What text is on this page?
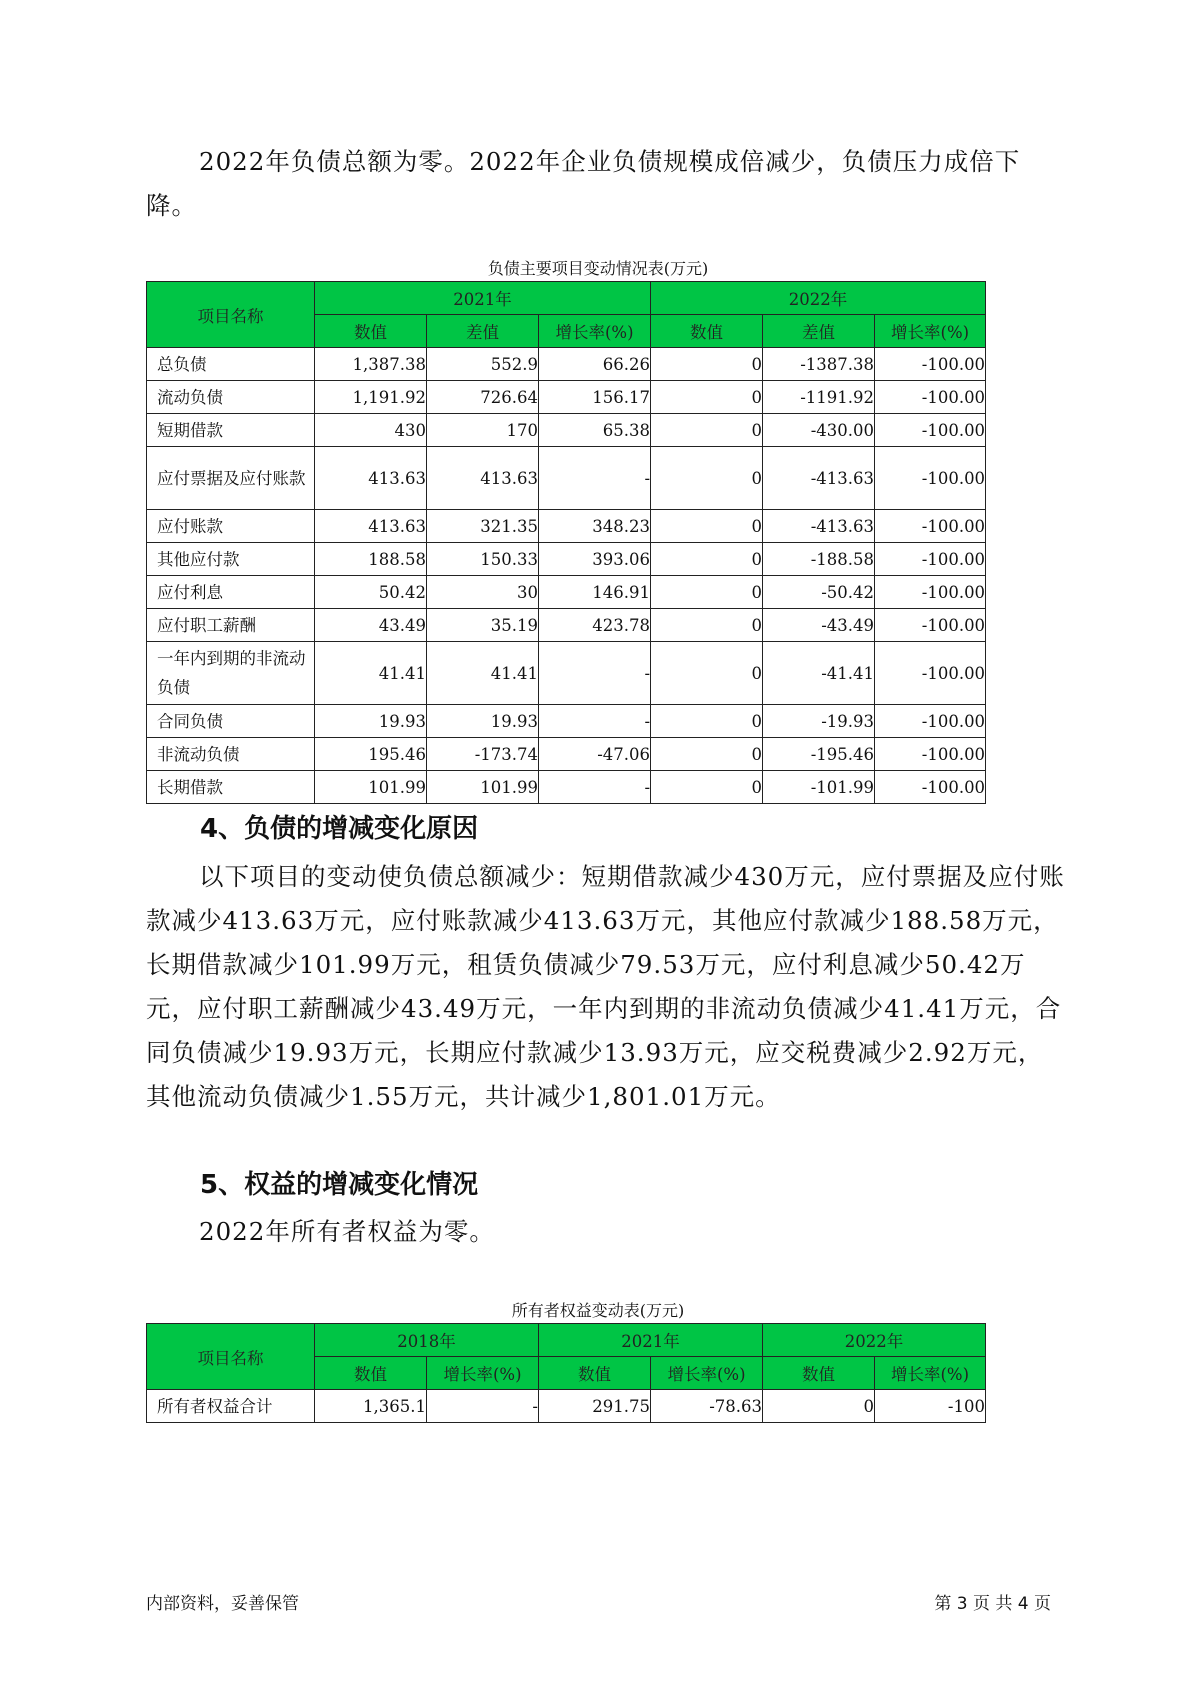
2022年负债总额为零。2022年企业负债规模成倍减少，负债压力成倍下降。

负债主要项目变动情况表(万元)

项目名称	2021年			2022年		
	数值	差值	增长率(%)	数值	差值	增长率(%)
总负债	1,387.38	552.9	66.26	0	-1387.38	-100.00
流动负债	1,191.92	726.64	156.17	0	-1191.92	-100.00
短期借款	430	170	65.38	0	-430.00	-100.00
应付票据及应付账款	413.63	413.63	-	0	-413.63	-100.00
应付账款	413.63	321.35	348.23	0	-413.63	-100.00
其他应付款	188.58	150.33	393.06	0	-188.58	-100.00
应付利息	50.42	30	146.91	0	-50.42	-100.00
应付职工薪酬	43.49	35.19	423.78	0	-43.49	-100.00
一年内到期的非流动负债	41.41	41.41	-	0	-41.41	-100.00
合同负债	19.93	19.93	-	0	-19.93	-100.00
非流动负债	195.46	-173.74	-47.06	0	-195.46	-100.00
长期借款	101.99	101.99	-	0	-101.99	-100.00

4、负债的增减变化原因

以下项目的变动使负债总额减少：短期借款减少430万元，应付票据及应付账款减少413.63万元，应付账款减少413.63万元，其他应付款减少188.58万元，长期借款减少101.99万元，租赁负债减少79.53万元，应付利息减少50.42万元，应付职工薪酬减少43.49万元，一年内到期的非流动负债减少41.41万元，合同负债减少19.93万元，长期应付款减少13.93万元，应交税费减少2.92万元，其他流动负债减少1.55万元，共计减少1,801.01万元。

5、权益的增减变化情况

2022年所有者权益为零。

所有者权益变动表(万元)

项目名称	2018年		2021年		2022年	
	数值	增长率(%)	数值	增长率(%)	数值	增长率(%)
所有者权益合计	1,365.1	-	291.75	-78.63	0	-100
内部资料，妥善保管	第 3 页 共 4 页
